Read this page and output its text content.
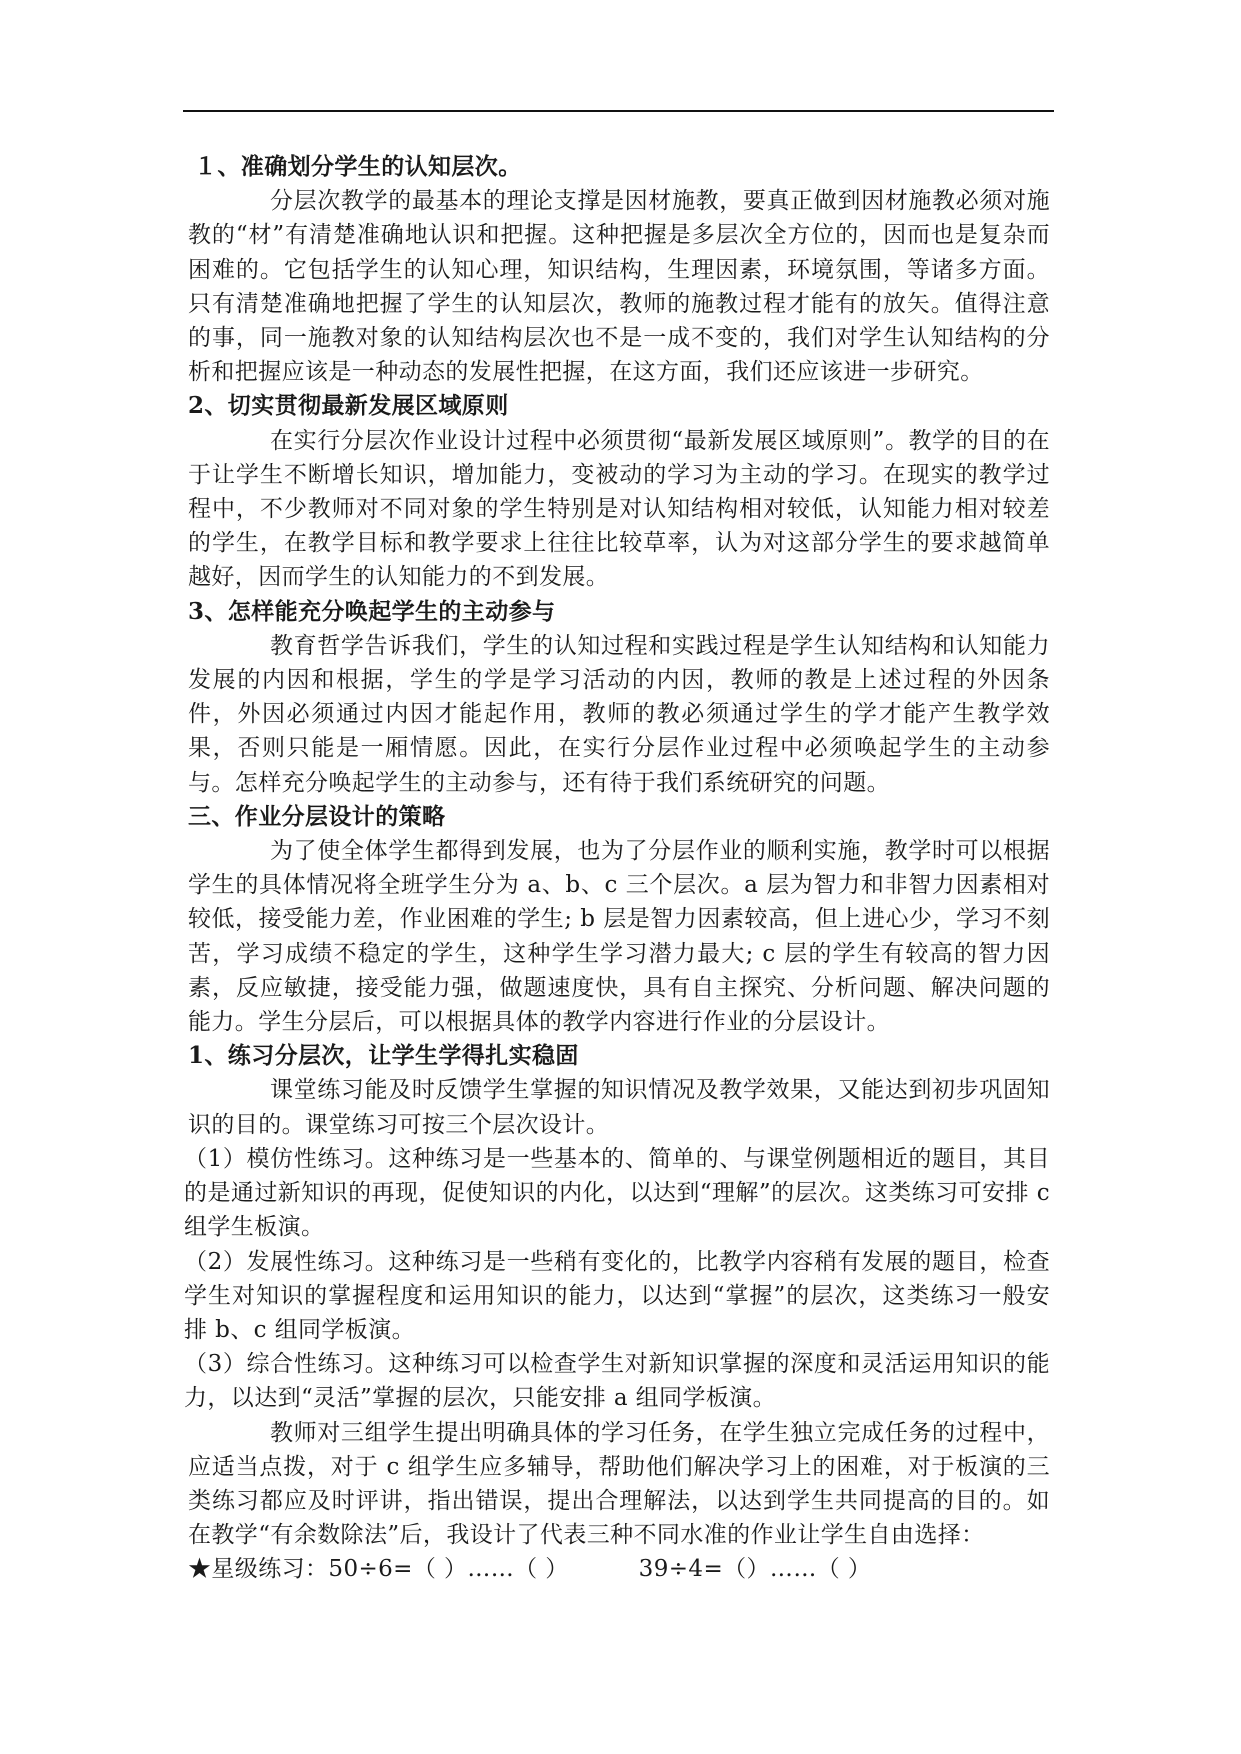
１、准确划分学生的认知层次。

分层次教学的最基本的理论支撑是因材施教，要真正做到因材施教必须对施教的“材”有清楚准确地认识和把握。这种把握是多层次全方位的，因而也是复杂而困难的。它包括学生的认知心理，知识结构，生理因素，环境氛围，等诸多方面。只有清楚准确地把握了学生的认知层次，教师的施教过程才能有的放矢。值得注意的事，同一施教对象的认知结构层次也不是一成不变的，我们对学生认知结构的分析和把握应该是一种动态的发展性把握，在这方面，我们还应该进一步研究。

2、切实贯彻最新发展区域原则

在实行分层次作业设计过程中必须贯彻“最新发展区域原则”。教学的目的在于让学生不断增长知识，增加能力，变被动的学习为主动的学习。在现实的教学过程中，不少教师对不同对象的学生特别是对认知结构相对较低，认知能力相对较差的学生，在教学目标和教学要求上往往比较草率，认为对这部分学生的要求越简单越好，因而学生的认知能力的不到发展。

3、怎样能充分唤起学生的主动参与

教育哲学告诉我们，学生的认知过程和实践过程是学生认知结构和认知能力发展的内因和根据，学生的学是学习活动的内因，教师的教是上述过程的外因条件，外因必须通过内因才能起作用，教师的教必须通过学生的学才能产生教学效果，否则只能是一厢情愿。因此，在实行分层作业过程中必须唤起学生的主动参与。怎样充分唤起学生的主动参与，还有待于我们系统研究的问题。

三、作业分层设计的策略

为了使全体学生都得到发展，也为了分层作业的顺利实施，教学时可以根据学生的具体情况将全班学生分为 a、b、c 三个层次。a 层为智力和非智力因素相对较低，接受能力差，作业困难的学生; b 层是智力因素较高，但上进心少，学习不刻苦，学习成绩不稳定的学生，这种学生学习潜力最大; c 层的学生有较高的智力因素，反应敏捷，接受能力强，做题速度快，具有自主探究、分析问题、解决问题的能力。学生分层后，可以根据具体的教学内容进行作业的分层设计。

1、练习分层次，让学生学得扎实稳固

课堂练习能及时反馈学生掌握的知识情况及教学效果，又能达到初步巩固知识的目的。课堂练习可按三个层次设计。

（1）模仿性练习。这种练习是一些基本的、简单的、与课堂例题相近的题目，其目的是通过新知识的再现，促使知识的内化，以达到“理解”的层次。这类练习可安排 c 组学生板演。

（2）发展性练习。这种练习是一些稍有变化的，比教学内容稍有发展的题目，检查学生对知识的掌握程度和运用知识的能力，以达到“掌握”的层次，这类练习一般安排 b、c 组同学板演。

（3）综合性练习。这种练习可以检查学生对新知识掌握的深度和灵活运用知识的能力，以达到“灵活”掌握的层次，只能安排 a 组同学板演。

教师对三组学生提出明确具体的学习任务，在学生独立完成任务的过程中，应适当点拨，对于 c 组学生应多辅导，帮助他们解决学习上的困难，对于板演的三类练习都应及时评讲，指出错误，提出合理解法，以达到学生共同提高的目的。如在教学“有余数除法”后，我设计了代表三种不同水准的作业让学生自由选择：

★星级练习：50÷6=（ ）……（ ）	39÷4=（）……（ ）
